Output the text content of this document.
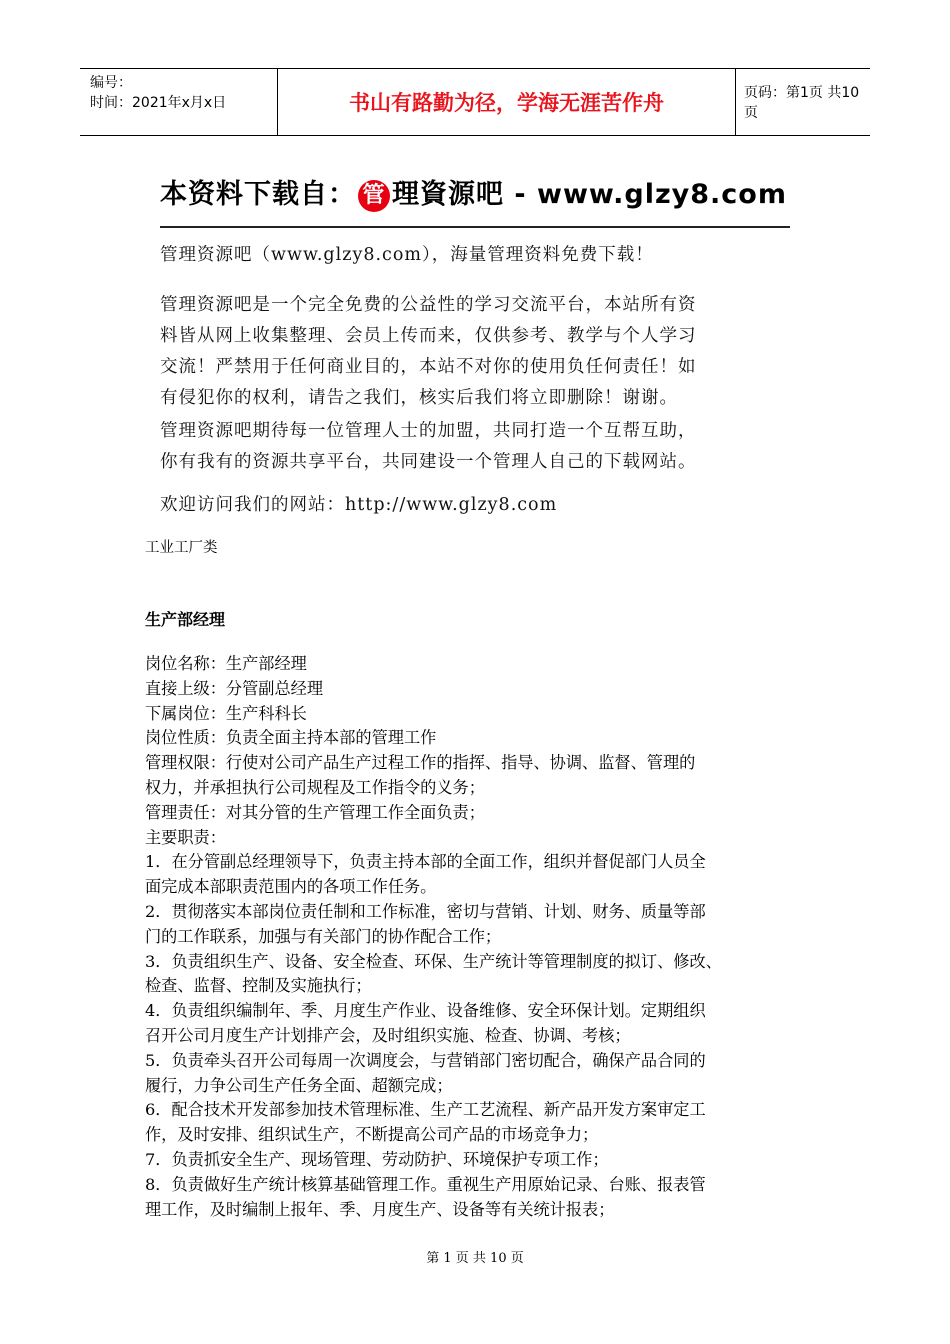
编号：
时间：2021年x月x日	书山有路勤为径，学海无涯苦作舟	页码：第1页 共10页
本资料下载自： 管 理資源吧 - www.glzy8.com
管理资源吧（www.glzy8.com），海量管理资料免费下载！
管理资源吧是一个完全免费的公益性的学习交流平台，本站所有资
料皆从网上收集整理、会员上传而来，仅供参考、教学与个人学习
交流！严禁用于任何商业目的，本站不对你的使用负任何责任！如
有侵犯你的权利，请告之我们，核实后我们将立即删除！谢谢。
管理资源吧期待每一位管理人士的加盟，共同打造一个互帮互助，
你有我有的资源共享平台，共同建设一个管理人自己的下载网站。
欢迎访问我们的网站：http://www.glzy8.com
工业工厂类
生产部经理

岗位名称：生产部经理

直接上级：分管副总经理

下属岗位：生产科科长

岗位性质：负责全面主持本部的管理工作

管理权限：行使对公司产品生产过程工作的指挥、指导、协调、监督、管理的

权力，并承担执行公司规程及工作指令的义务；

管理责任：对其分管的生产管理工作全面负责；

主要职责：

1．在分管副总经理领导下，负责主持本部的全面工作，组织并督促部门人员全

面完成本部职责范围内的各项工作任务。

2．贯彻落实本部岗位责任制和工作标准，密切与营销、计划、财务、质量等部

门的工作联系，加强与有关部门的协作配合工作；

3．负责组织生产、设备、安全检查、环保、生产统计等管理制度的拟订、修改、

检查、监督、控制及实施执行；

4．负责组织编制年、季、月度生产作业、设备维修、安全环保计划。定期组织

召开公司月度生产计划排产会，及时组织实施、检查、协调、考核；

5．负责牵头召开公司每周一次调度会，与营销部门密切配合，确保产品合同的

履行，力争公司生产任务全面、超额完成；

6．配合技术开发部参加技术管理标准、生产工艺流程、新产品开发方案审定工

作，及时安排、组织试生产，不断提高公司产品的市场竞争力；

7．负责抓安全生产、现场管理、劳动防护、环境保护专项工作；

8．负责做好生产统计核算基础管理工作。重视生产用原始记录、台账、报表管

理工作，及时编制上报年、季、月度生产、设备等有关统计报表；

第 1 页 共 10 页
